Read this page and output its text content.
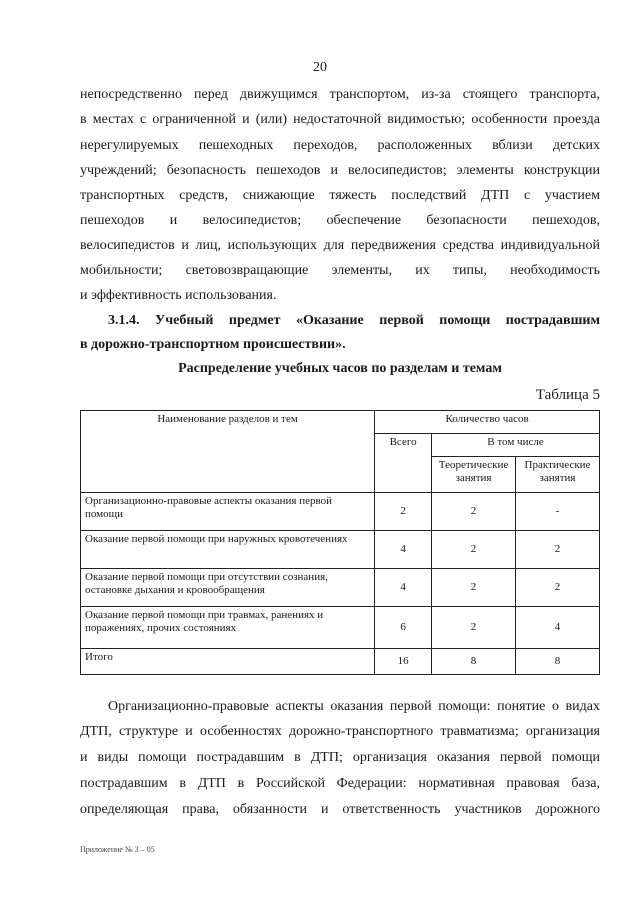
20
непосредственно перед движущимся транспортом, из-за стоящего транспорта,
в местах с ограниченной и (или) недостаточной видимостью; особенности проезда
нерегулируемых пешеходных переходов, расположенных вблизи детских
учреждений; безопасность пешеходов и велосипедистов; элементы конструкции
транспортных средств, снижающие тяжесть последствий ДТП с участием
пешеходов и велосипедистов; обеспечение безопасности пешеходов,
велосипедистов и лиц, использующих для передвижения средства индивидуальной
мобильности; световозвращающие элементы, их типы, необходимость
и эффективность использования.
3.1.4. Учебный предмет «Оказание первой помощи пострадавшим
в дорожно-транспортном происшествии».
Распределение учебных часов по разделам и темам
Таблица 5
Наименование разделов и тем	Количество часов		
	Всего	В том числе	
		Теоретические занятия	Практические занятия
Организационно-правовые аспекты оказания первой помощи	2	2	-
Оказание первой помощи при наружных кровотечениях	4	2	2
Оказание первой помощи при отсутствии сознания, остановке дыхания и кровообращения	4	2	2
Оказание первой помощи при травмах, ранениях и поражениях, прочих состояниях	6	2	4
Итого	16	8	8
Организационно-правовые аспекты оказания первой помощи: понятие о видах
ДТП, структуре и особенностях дорожно-транспортного травматизма; организация
и виды помощи пострадавшим в ДТП; организация оказания первой помощи
пострадавшим в ДТП в Российской Федерации: нормативная правовая база,
определяющая права, обязанности и ответственность участников дорожного
Приложение № 3 – 05
